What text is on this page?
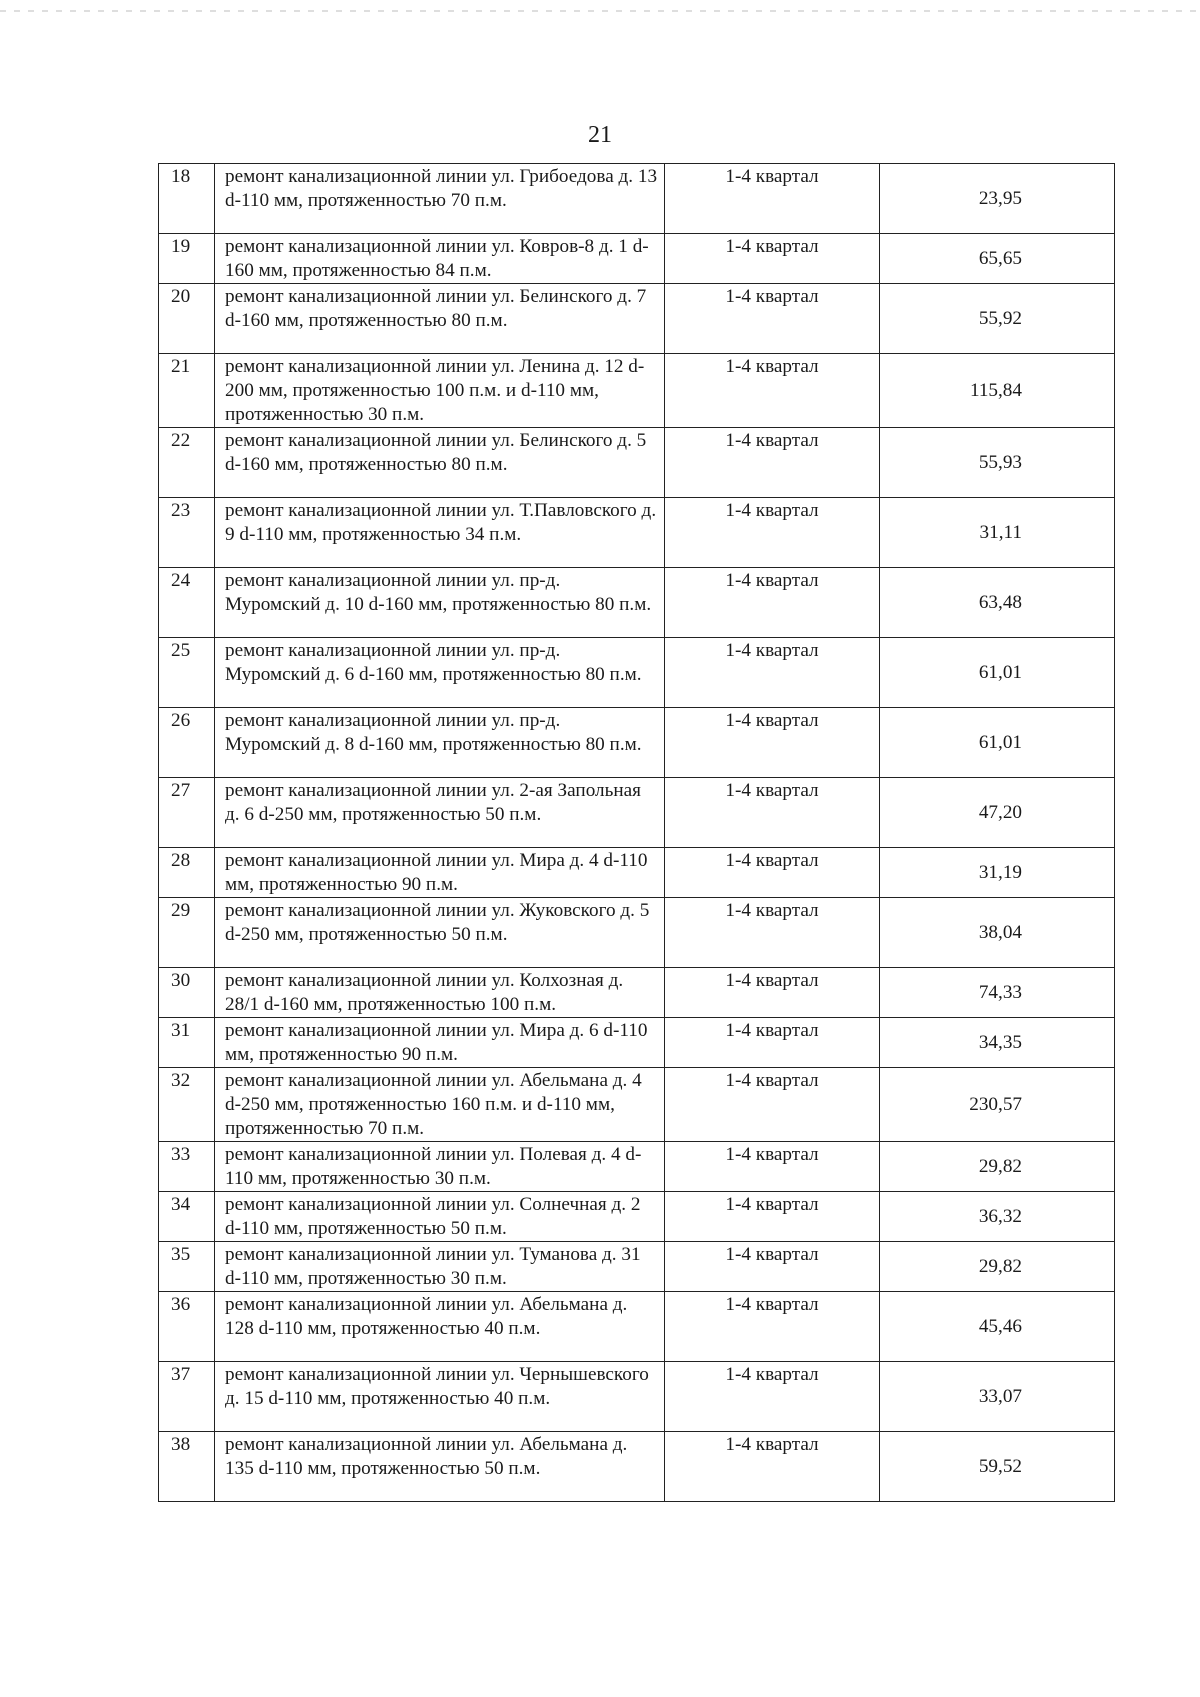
21
18	ремонт канализационной линии ул. Грибоедова д. 13 d-110 мм, протяженностью 70 п.м.	1-4 квартал	23,95
19	ремонт канализационной линии ул. Ковров-8 д. 1 d-160 мм, протяженностью 84 п.м.	1-4 квартал	65,65
20	ремонт канализационной линии ул. Белинского д. 7 d-160 мм, протяженностью 80 п.м.	1-4 квартал	55,92
21	ремонт канализационной линии ул. Ленина д. 12 d-200 мм, протяженностью 100 п.м. и d-110 мм, протяженностью 30 п.м.	1-4 квартал	115,84
22	ремонт канализационной линии ул. Белинского д. 5 d-160 мм, протяженностью 80 п.м.	1-4 квартал	55,93
23	ремонт канализационной линии ул. Т.Павловского д. 9 d-110 мм, протяженностью 34 п.м.	1-4 квартал	31,11
24	ремонт канализационной линии ул. пр-д. Муромский д. 10 d-160 мм, протяженностью 80 п.м.	1-4 квартал	63,48
25	ремонт канализационной линии ул. пр-д. Муромский д. 6 d-160 мм, протяженностью 80 п.м.	1-4 квартал	61,01
26	ремонт канализационной линии ул. пр-д. Муромский д. 8 d-160 мм, протяженностью 80 п.м.	1-4 квартал	61,01
27	ремонт канализационной линии ул. 2-ая Запольная д. 6 d-250 мм, протяженностью 50 п.м.	1-4 квартал	47,20
28	ремонт канализационной линии ул. Мира д. 4 d-110 мм, протяженностью 90 п.м.	1-4 квартал	31,19
29	ремонт канализационной линии ул. Жуковского д. 5 d-250 мм, протяженностью 50 п.м.	1-4 квартал	38,04
30	ремонт канализационной линии ул. Колхозная д. 28/1 d-160 мм, протяженностью 100 п.м.	1-4 квартал	74,33
31	ремонт канализационной линии ул. Мира д. 6 d-110 мм, протяженностью 90 п.м.	1-4 квартал	34,35
32	ремонт канализационной линии ул. Абельмана д. 4 d-250 мм, протяженностью 160 п.м. и d-110 мм, протяженностью 70 п.м.	1-4 квартал	230,57
33	ремонт канализационной линии ул. Полевая д. 4 d-110 мм, протяженностью 30 п.м.	1-4 квартал	29,82
34	ремонт канализационной линии ул. Солнечная д. 2 d-110 мм, протяженностью 50 п.м.	1-4 квартал	36,32
35	ремонт канализационной линии ул. Туманова д. 31 d-110 мм, протяженностью 30 п.м.	1-4 квартал	29,82
36	ремонт канализационной линии ул. Абельмана д. 128 d-110 мм, протяженностью 40 п.м.	1-4 квартал	45,46
37	ремонт канализационной линии ул. Чернышевского д. 15 d-110 мм, протяженностью 40 п.м.	1-4 квартал	33,07
38	ремонт канализационной линии ул. Абельмана д. 135 d-110 мм, протяженностью 50 п.м.	1-4 квартал	59,52
